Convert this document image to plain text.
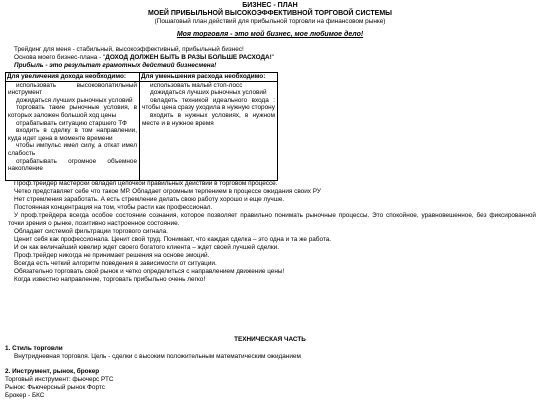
БИЗНЕС - ПЛАН
МОЕЙ ПРИБЫЛЬНОЙ ВЫСОКОЭФФЕКТИВНОЙ ТОРГОВОЙ СИСТЕМЫ
(Пошаговый план действий для прибыльной торговли на финансовом рынке)
Моя торговля - это мой бизнес, мое любимое дело!
Трейдинг для меня - стабильный, высокоэффективный, прибыльный бизнес!
Основа моего бизнес-плана - "ДОХОД ДОЛЖЕН БЫТЬ В РАЗЫ БОЛЬШЕ РАСХОДА!"
Прибыль - это результат грамотных действий бизнесмена!
Для увеличения дохода необходимо:

использовать высоковолатильный инструмент

дожидаться лучших рыночных условий

торговать такие рыночные условия, в которых заложен большой ход цены

отрабатывать ситуацию старшего ТФ

входить в сделку в том направлении, куда идет цена в моменте времени

чтобы импульс имел силу, а откат имел слабость

отрабатывать огромное объемное накопление

Для уменьшения расхода необходимо:

использовать малый стоп-лосс

дожидаться лучших рыночных условий

овладеть техникой идеального входа : чтобы цена сразу уходила в нужную сторону

входить в нужных условиях, в нужном месте и в нужное время

Проф.трейдер мастерски овладел цепочкой правильных действий в торговом процессе.
Четко представляет себе что такое МР. Обладает огромным терпением в процессе ожидания своих РУ
Нет стремления заработать. А есть стремление делать свою работу хорошо и еще лучше.
Постоянная концентрация на том, чтобы расти как профессионал.
У проф.трейдера всегда особое состояние сознания, которое позволяет правильно понимать рыночные процессы. Это спокойное, уравновешенное, без фиксированной точки зрения о рынке, позитивно настроенное состояние.
Обладает системой фильтрации торгового сигнала.
Ценит себя как профессионала. Ценит свой труд. Понимает, что каждая сделка – это одна и та же работа.
И он как величайший ювелир ждет своего богатого клиента – ждет своей лучшей сделки.
Проф.трейдер никогда не принимает решения на основе эмоций.
Всегда есть четкий алгоритм поведения в зависимости от ситуации.
Обязательно торговать свой рынок и четко определиться с направлением движение цены!
Когда известно направление, торговать прибыльно очень легко!
ТЕХНИЧЕСКАЯ ЧАСТЬ
1. Стиль торговли
Внутридневная торговля. Цель - сделки с высоким положительным математическим ожиданием
2. Инструмент, рынок, брокер
Торговый инструмент: фьючерс РТС
Рынок: Фьючерсный рынок Фортс
Брокер - БКС
